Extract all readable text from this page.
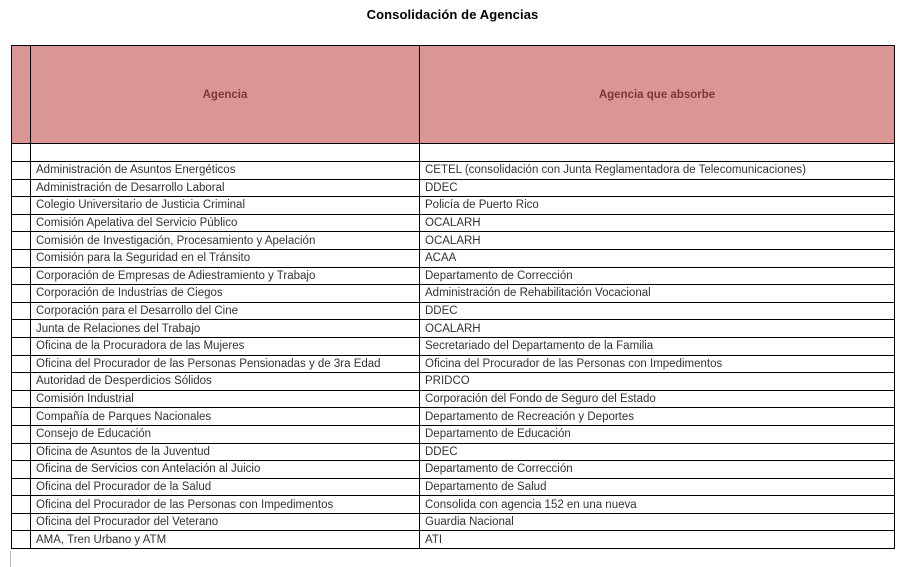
Consolidación de Agencias
	Agencia	Agencia que absorbe

	Administración de Asuntos Energéticos	CETEL (consolidación con Junta Reglamentadora de Telecomunicaciones)
	Administración de Desarrollo Laboral	DDEC
	Colegio Universitario de Justicia Criminal	Policía de Puerto Rico
	Comisión Apelativa del Servicio Público	OCALARH
	Comisión de Investigación, Procesamiento y Apelación	OCALARH
	Comisión para la Seguridad en el Tránsito	ACAA
	Corporación de Empresas de Adiestramiento y Trabajo	Departamento de Corrección
	Corporación de Industrias de Ciegos	Administración de Rehabilitación Vocacional
	Corporación para el Desarrollo del Cine	DDEC
	Junta de Relaciones del Trabajo	OCALARH
	Oficina de la Procuradora de las Mujeres	Secretariado del Departamento de la Familia
	Oficina del Procurador de las Personas Pensionadas y de 3ra Edad	Oficina del Procurador de las Personas con Impedimentos
	Autoridad de Desperdicios Sólidos	PRIDCO
	Comisión Industrial	Corporación del Fondo de Seguro del Estado
	Compañía de Parques Nacionales	Departamento de Recreación y Deportes
	Consejo de Educación	Departamento de Educación
	Oficina de Asuntos de la Juventud	DDEC
	Oficina de Servicios con Antelación al Juicio	Departamento de Corrección
	Oficina del Procurador de la Salud	Departamento de Salud
	Oficina del Procurador de las Personas con Impedimentos	Consolida con agencia 152 en una nueva
	Oficina del Procurador del Veterano	Guardia Nacional
	AMA, Tren Urbano y ATM	ATI
